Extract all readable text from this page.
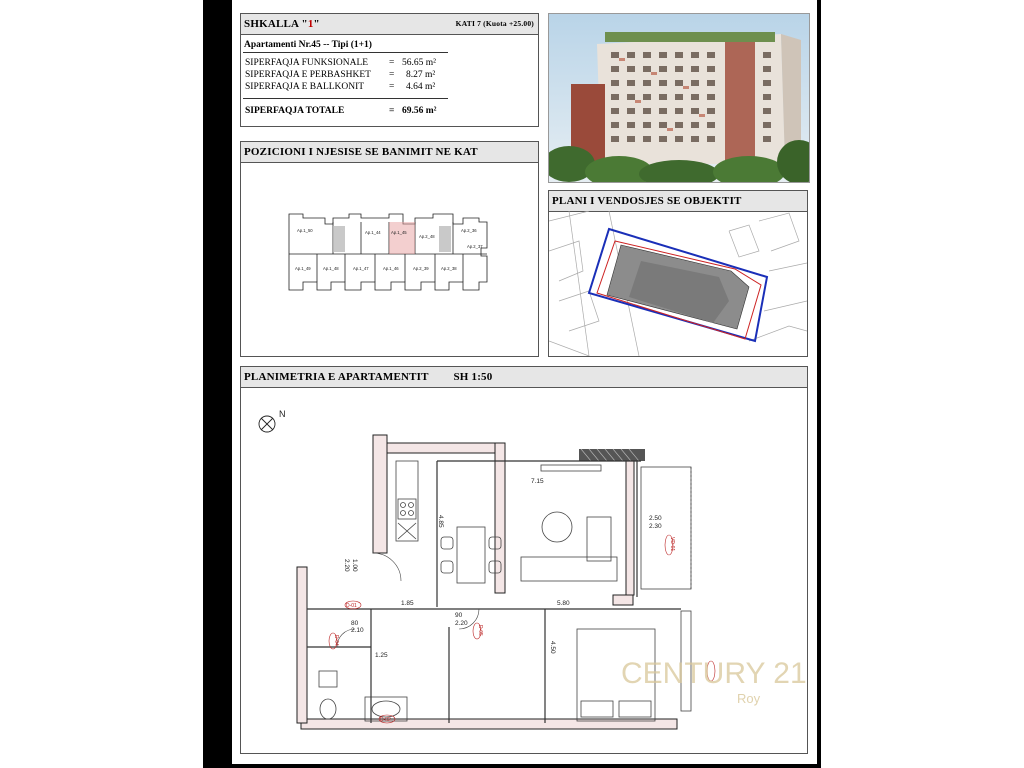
SHKALLA "1"	KATI 7 (Kuota +25.00)
Apartamenti Nr.45 -- Tipi (1+1)
SIPERFAQJA FUNKSIONALE = 56.65 m²
SIPERFAQJA E PERBASHKET = 8.27 m²
SIPERFAQJA E BALLKONIT	= 4.64 m²
SIPERFAQJA TOTALE	= 69.56 m²
POZICIONI I NJESISE SE BANIMIT NE KAT
Ap.1_50	Ap.1_44 Ap.1_45
Ap.2_48
Ap.2_36
Ap.2_37
Ap.1_49	Ap.1_48	Ap.1_47	Ap.1_46	Ap.2_39	Ap.2_38
PLANI I VENDOSJES SE OBJEKTIT
PLANIMETRIA E APARTAMENTIT SH 1:50
N
7.15
1.85	5.80
2.50
2.30
90
2.20
80
2.10
1.25
1.00
2.20
4.85
4.50
D-01
D-04
D-05
D-02
VD-01
CENTURY 21
Roy
